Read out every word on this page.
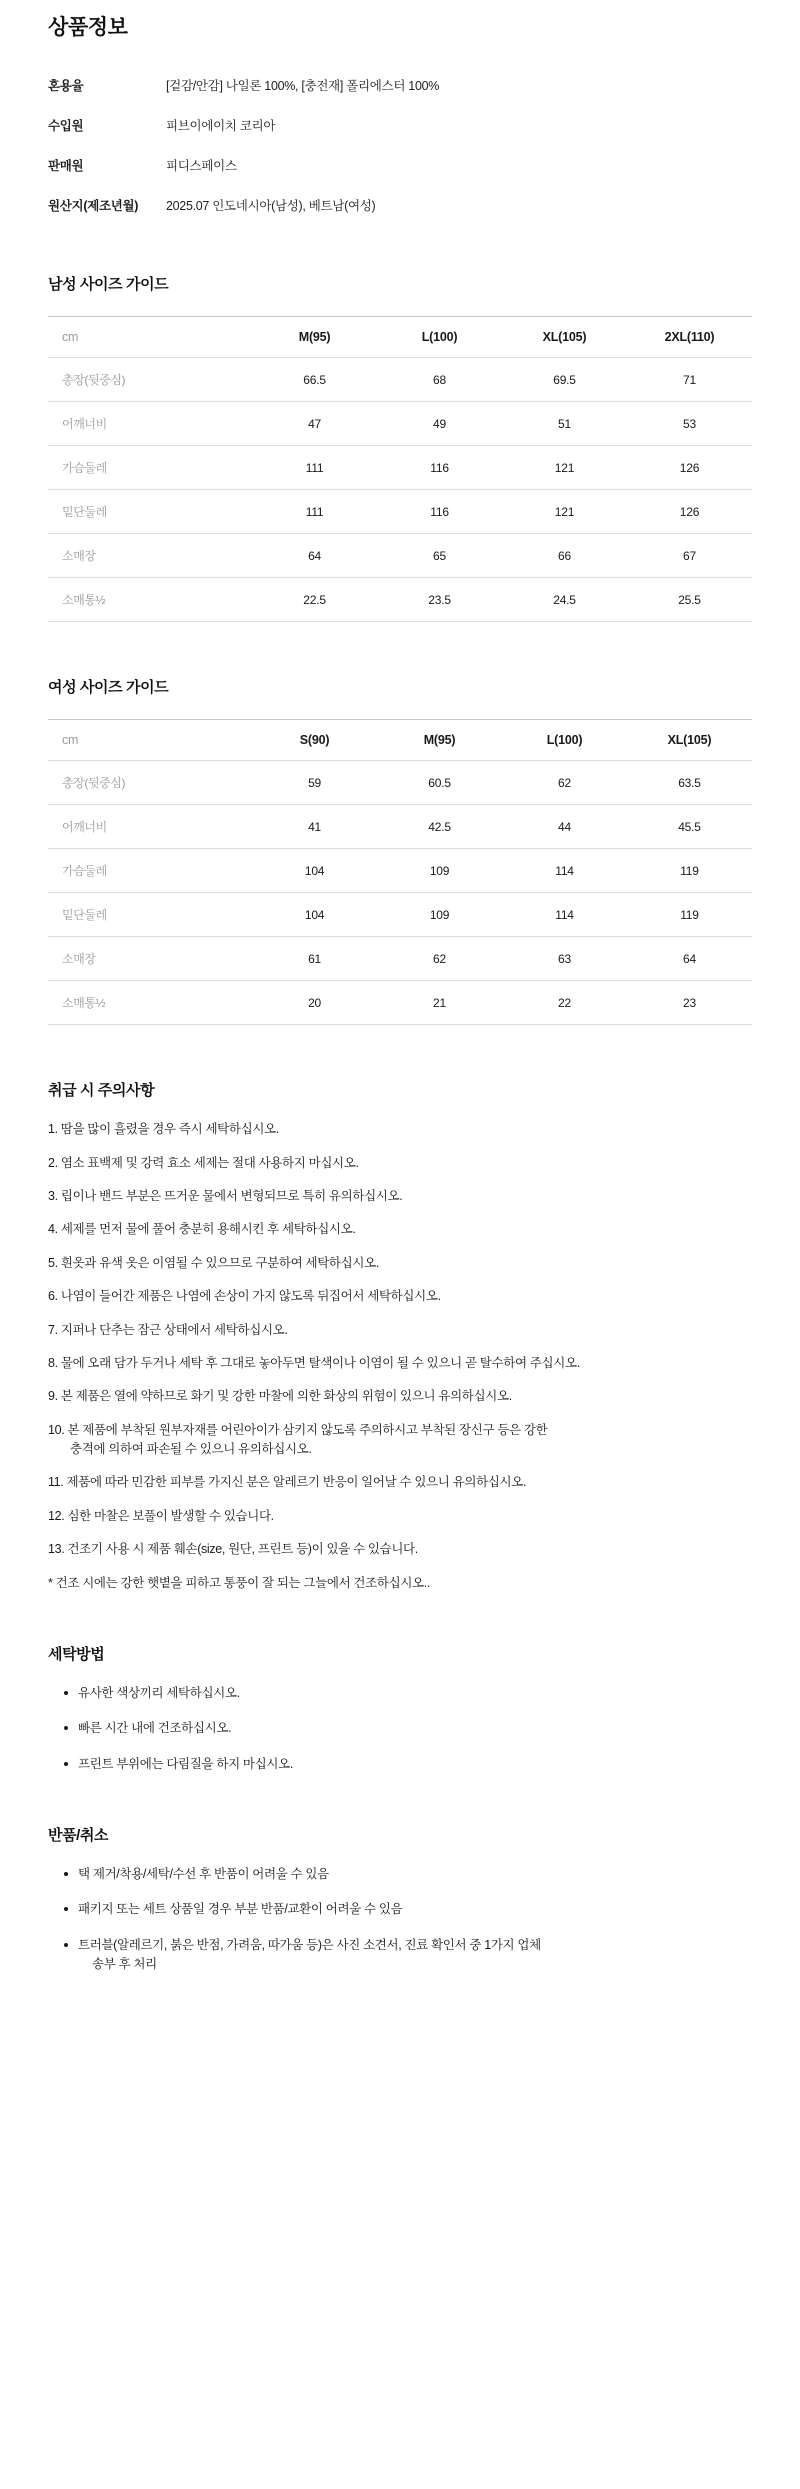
상품정보
혼용율	[겉감/안감] 나일론 100%, [충전재] 폴리에스터 100%
수입원	피브이에이치 코리아
판매원	피디스페이스
원산지(제조년월)	2025.07 인도네시아(남성), 베트남(여성)
남성 사이즈 가이드
cm	M(95)	L(100)	XL(105)	2XL(110)
총장(뒷중심)	66.5	68	69.5	71
어깨너비	47	49	51	53
가슴둘레	111	116	121	126
밑단둘레	111	116	121	126
소매장	64	65	66	67
소매통½	22.5	23.5	24.5	25.5
여성 사이즈 가이드
cm	S(90)	M(95)	L(100)	XL(105)
총장(뒷중심)	59	60.5	62	63.5
어깨너비	41	42.5	44	45.5
가슴둘레	104	109	114	119
밑단둘레	104	109	114	119
소매장	61	62	63	64
소매통½	20	21	22	23
취급 시 주의사항
1. 땀을 많이 흘렸을 경우 즉시 세탁하십시오.
2. 염소 표백제 및 강력 효소 세제는 절대 사용하지 마십시오.
3. 립이나 밴드 부분은 뜨거운 물에서 변형되므로 특히 유의하십시오.
4. 세제를 먼저 물에 풀어 충분히 용해시킨 후 세탁하십시오.
5. 흰옷과 유색 옷은 이염될 수 있으므로 구분하여 세탁하십시오.
6. 나염이 들어간 제품은 나염에 손상이 가지 않도록 뒤집어서 세탁하십시오.
7. 지퍼나 단추는 잠근 상태에서 세탁하십시오.
8. 물에 오래 담가 두거나 세탁 후 그대로 놓아두면 탈색이나 이염이 될 수 있으니 곧 탈수하여 주십시오.
9. 본 제품은 열에 약하므로 화기 및 강한 마찰에 의한 화상의 위험이 있으니 유의하십시오.
10. 본 제품에 부착된 원부자재를 어린아이가 삼키지 않도록 주의하시고 부착된 장신구 등은 강한
충격에 의하여 파손될 수 있으니 유의하십시오.
11. 제품에 따라 민감한 피부를 가지신 분은 알레르기 반응이 일어날 수 있으니 유의하십시오.
12. 심한 마찰은 보풀이 발생할 수 있습니다.
13. 건조기 사용 시 제품 훼손(size, 원단, 프린트 등)이 있을 수 있습니다.
* 건조 시에는 강한 햇볕을 피하고 통풍이 잘 되는 그늘에서 건조하십시오..
세탁방법
유사한 색상끼리 세탁하십시오.
빠른 시간 내에 건조하십시오.
프린트 부위에는 다림질을 하지 마십시오.
반품/취소
택 제거/착용/세탁/수선 후 반품이 어려울 수 있음
패키지 또는 세트 상품일 경우 부분 반품/교환이 어려울 수 있음
트러블(알레르기, 붉은 반점, 가려움, 따가움 등)은 사진 소견서, 진료 확인서 중 1가지 업체
송부 후 처리
